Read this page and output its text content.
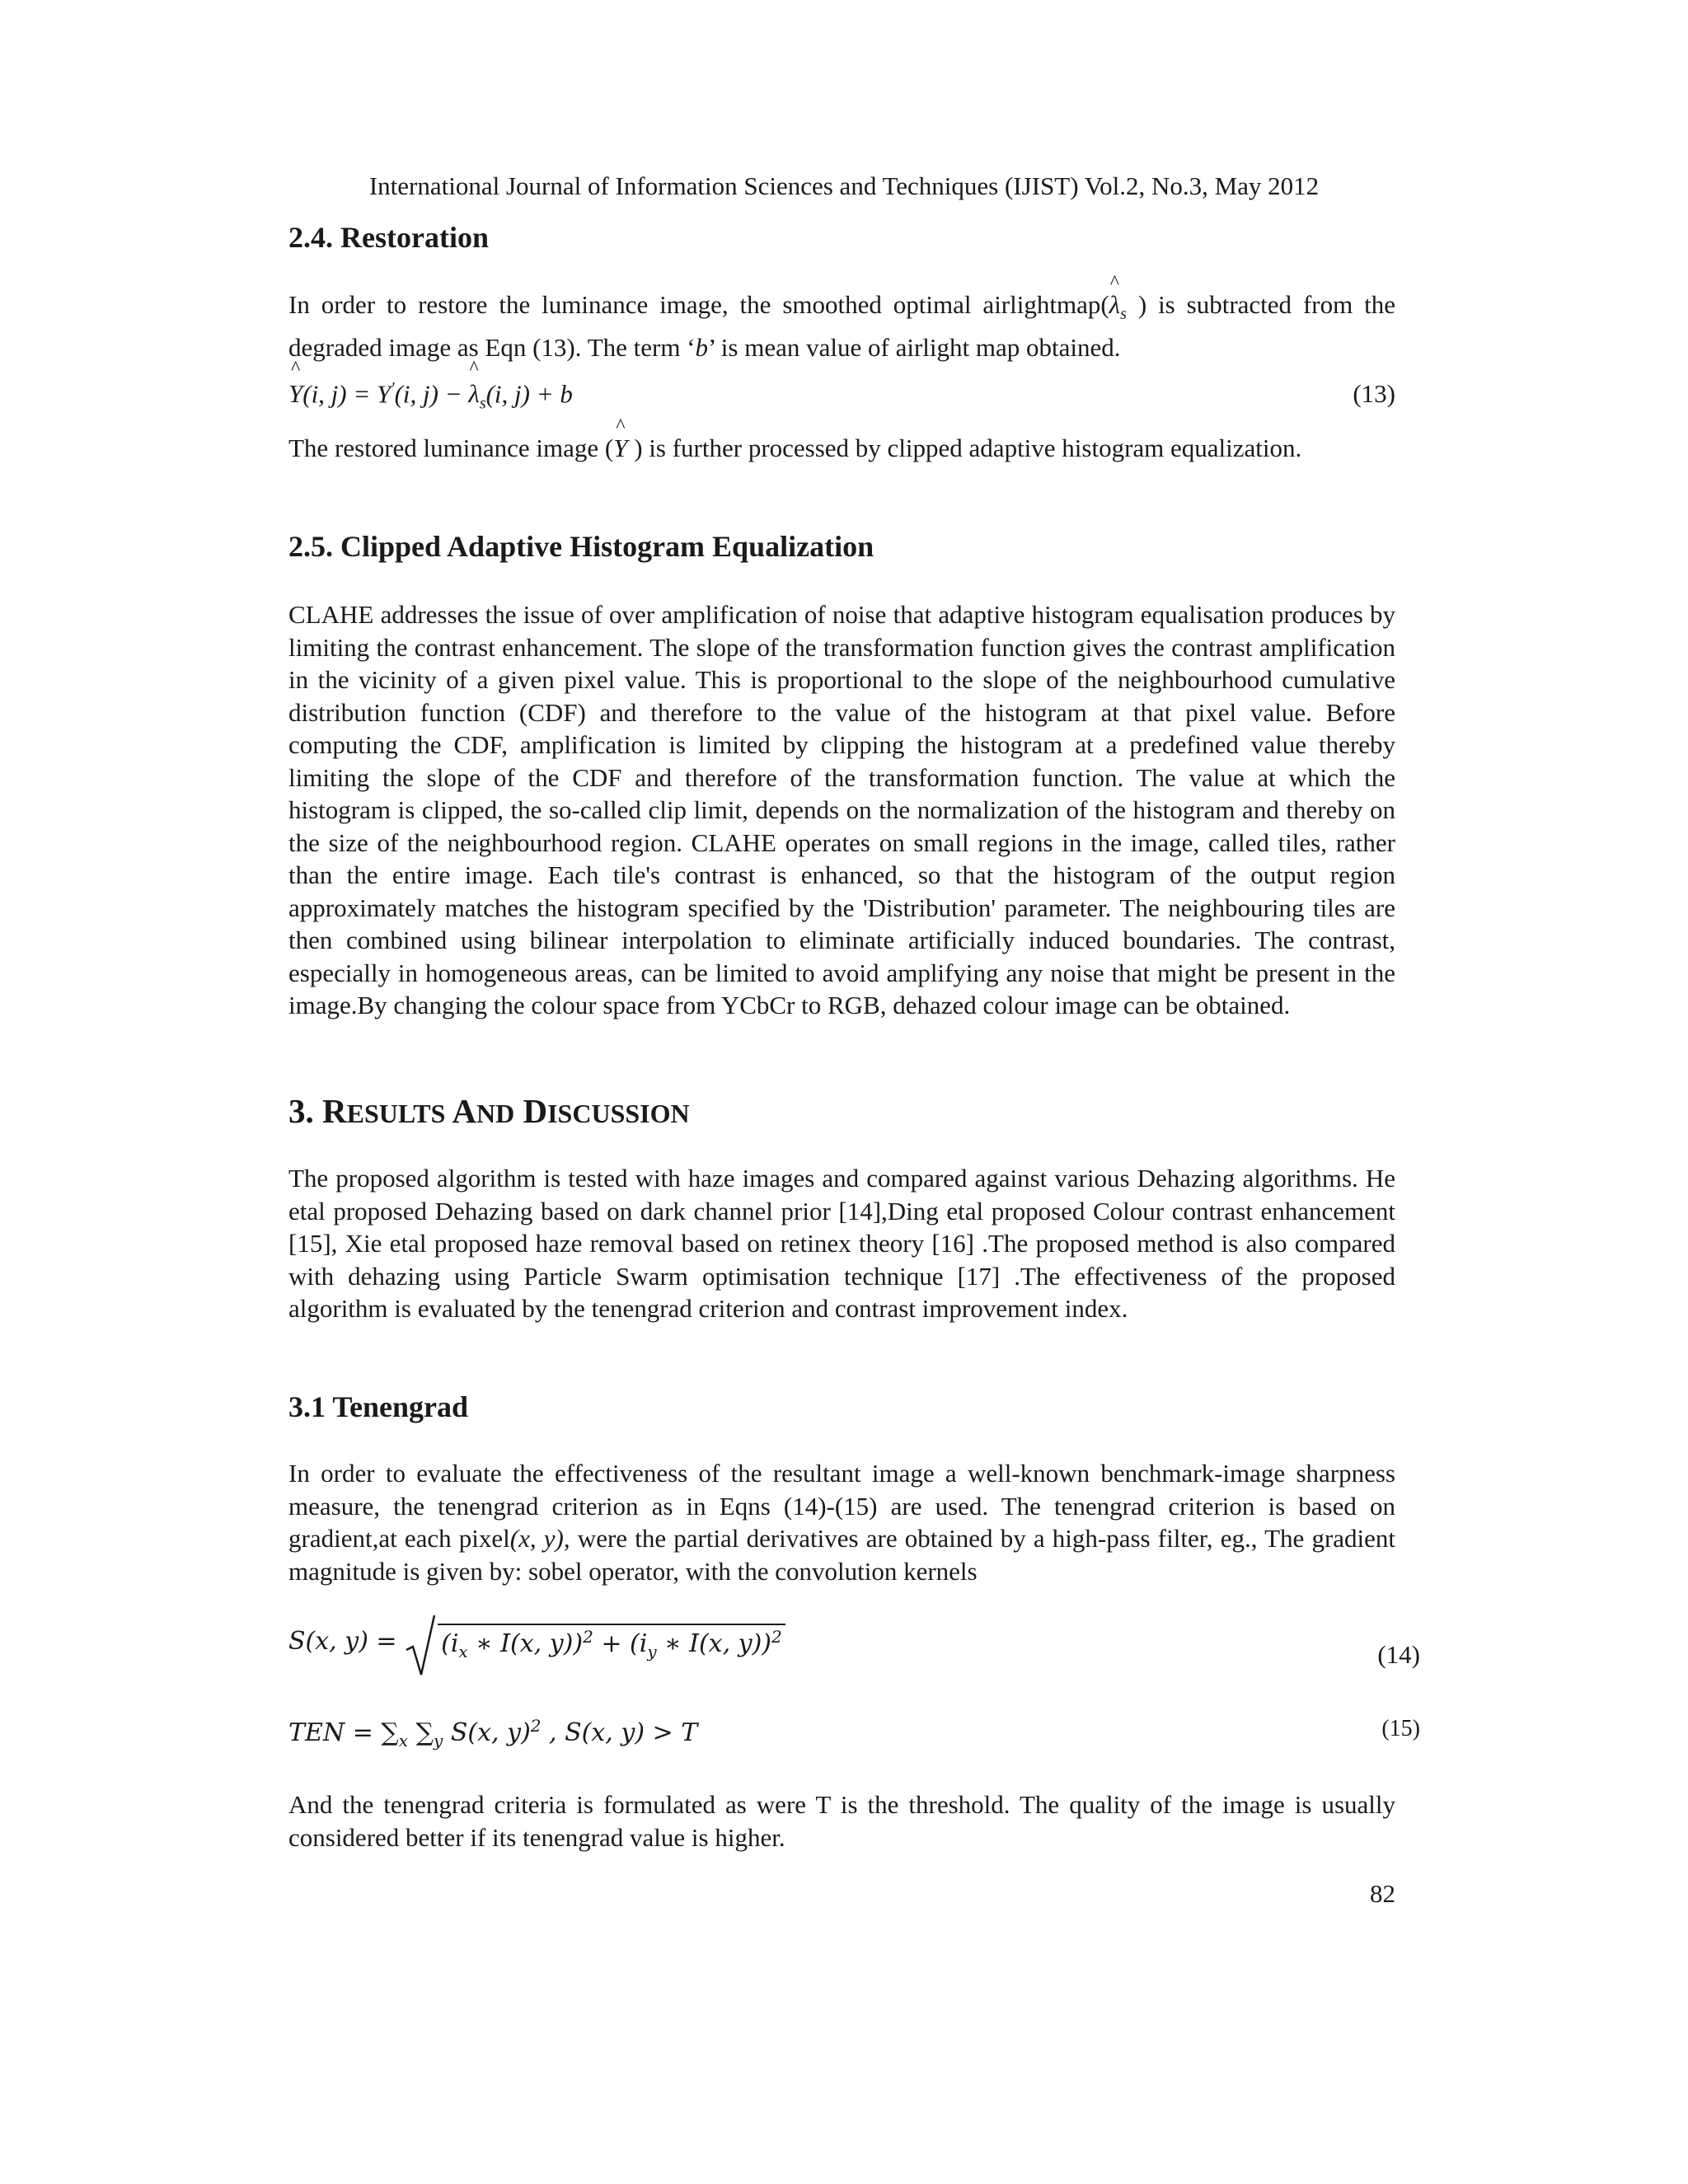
International Journal of Information Sciences and Techniques (IJIST) Vol.2, No.3, May 2012
2.4. Restoration

In order to restore the luminance image, the smoothed optimal airlightmap(^ $\lambda_s$ ) is subtracted from the degraded image as Eqn (13). The term ‘b’ is mean value of airlight map obtained.

^ Y(i, j) = Y'(i, j) − ^ $\lambda_s(i$, j) + b	(13)

The restored luminance image (^ Y ) is further processed by clipped adaptive histogram equalization.

2.5. Clipped Adaptive Histogram Equalization

CLAHE addresses the issue of over amplification of noise that adaptive histogram equalisation produces by limiting the contrast enhancement. The slope of the transformation function gives the contrast amplification in the vicinity of a given pixel value. This is proportional to the slope of the neighbourhood cumulative distribution function (CDF) and therefore to the value of the histogram at that pixel value. Before computing the CDF, amplification is limited by clipping the histogram at a predefined value thereby limiting the slope of the CDF and therefore of the transformation function. The value at which the histogram is clipped, the so-called clip limit, depends on the normalization of the histogram and thereby on the size of the neighbourhood region. CLAHE operates on small regions in the image, called tiles, rather than the entire image. Each tile's contrast is enhanced, so that the histogram of the output region approximately matches the histogram specified by the 'Distribution' parameter. The neighbouring tiles are then combined using bilinear interpolation to eliminate artificially induced boundaries. The contrast, especially in homogeneous areas, can be limited to avoid amplifying any noise that might be present in the image.By changing the colour space from YCbCr to RGB, dehazed colour image can be obtained.

3. RESULTS AND DISCUSSION

The proposed algorithm is tested with haze images and compared against various Dehazing algorithms. He etal proposed Dehazing based on dark channel prior [14],Ding etal proposed Colour contrast enhancement [15], Xie etal proposed haze removal based on retinex theory [16] .The proposed method is also compared with dehazing using Particle Swarm optimisation technique [17] .The effectiveness of the proposed algorithm is evaluated by the tenengrad criterion and contrast improvement index.

3.1 Tenengrad

In order to evaluate the effectiveness of the resultant image a well-known benchmark-image sharpness measure, the tenengrad criterion as in Eqns (14)-(15) are used. The tenengrad criterion is based on gradient,at each pixel(x, y), were the partial derivatives are obtained by a high-pass filter, eg., The gradient magnitude is given by: sobel operator, with the convolution kernels

S(x, y) =
($i_x$ ∗ I(x, $y))^2 + (i_y$ ∗ I(x, y))$^2$
(14)
TEN = $\sum_x$ $\sum_y$ S(x, y)$^2$ , S(x, y) > T	(15)

And the tenengrad criteria is formulated as were T is the threshold. The quality of the image is usually considered better if its tenengrad value is higher.

82
